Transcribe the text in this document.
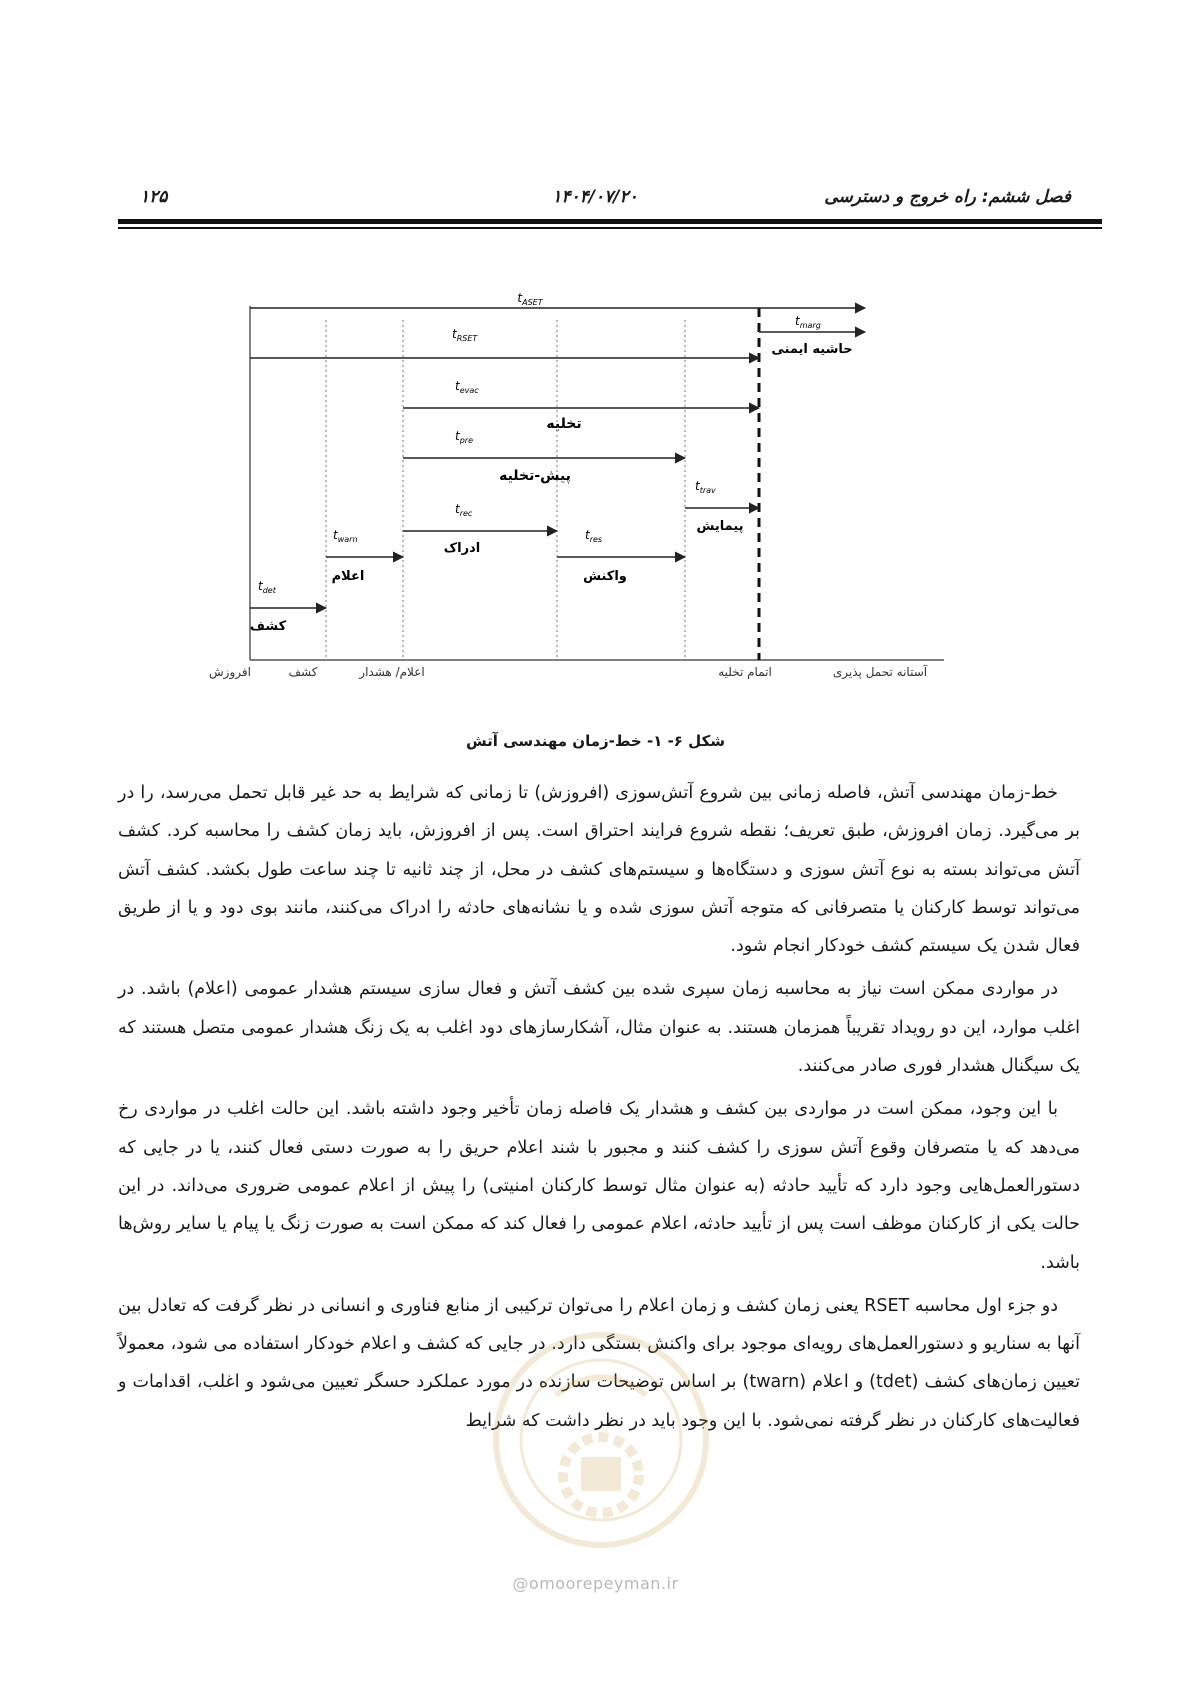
۱۲۵	۱۴۰۴/۰۷/۲۰	فصل ششم: راه خروج و دسترسی
$t_{ASET}$
$t_{marg}$
حاشیه ایمنی
$t_{RSET}$
$t_{evac}$
تخلیه
$t_{pre}$
پیش-تخلیه
$t_{trav}$
پیمایش
$t_{rec}$
ادراک
$t_{res}$
واکنش
$t_{warn}$
اعلام
$t_{det}$
کشف
افروزش	کشف	اعلام/ هشدار	اتمام تخلیه	آستانه تحمل پذیری
شکل ۶- ۱- خط-زمان مهندسی آتش

خط-زمان مهندسی آتش، فاصله زمانی بین شروع آتش‌سوزی (افروزش) تا زمانی که شرایط به حد غیر قابل تحمل می‌رسد، را در بر می‌گیرد. زمان افروزش، طبق تعریف؛ نقطه شروع فرایند احتراق است. پس از افروزش، باید زمان کشف را محاسبه کرد. کشف آتش می‌تواند بسته به نوع آتش سوزی و دستگاه‌ها و سیستم‌های کشف در محل، از چند ثانیه تا چند ساعت طول بکشد. کشف آتش می‌تواند توسط کارکنان یا متصرفانی که متوجه آتش سوزی شده و یا نشانه‌های حادثه را ادراک می‌کنند، مانند بوی دود و یا از طریق فعال شدن یک سیستم کشف خودکار انجام شود.

در مواردی ممکن است نیاز به محاسبه زمان سپری شده بین کشف آتش و فعال سازی سیستم هشدار عمومی (اعلام) باشد. در اغلب موارد، این دو رویداد تقریباً همزمان هستند. به عنوان مثال، آشکارسازهای دود اغلب به یک زنگ هشدار عمومی متصل هستند که یک سیگنال هشدار فوری صادر می‌کنند.

با این وجود، ممکن است در مواردی بین کشف و هشدار یک فاصله زمان تأخیر وجود داشته باشد. این حالت اغلب در مواردی رخ می‌دهد که یا متصرفان وقوع آتش سوزی را کشف کنند و مجبور با شند اعلام حریق را به صورت دستی فعال کنند، یا در جایی که دستورالعمل‌هایی وجود دارد که تأیید حادثه (به عنوان مثال توسط کارکنان امنیتی) را پیش از اعلام عمومی ضروری می‌داند. در این حالت یکی از کارکنان موظف است پس از تأیید حادثه، اعلام عمومی را فعال کند که ممکن است به صورت زنگ یا پیام یا سایر روش‌ها باشد.

دو جزء اول محاسبه RSET یعنی زمان کشف و زمان اعلام را می‌توان ترکیبی از منابع فناوری و انسانی در نظر گرفت که تعادل بین آنها به سناریو و دستورالعمل‌های رویه‌ای موجود برای واکنش بستگی دارد. در جایی که کشف و اعلام خودکار استفاده می شود، معمولاً تعیین زمان‌های کشف (tdet) و اعلام (twarn) بر اساس توضیحات سازنده در مورد عملکرد حسگر تعیین می‌شود و اغلب، اقدامات و فعالیت‌های کارکنان در نظر گرفته نمی‌شود. با این وجود باید در نظر داشت که شرایط

@omoorepeyman.ir
